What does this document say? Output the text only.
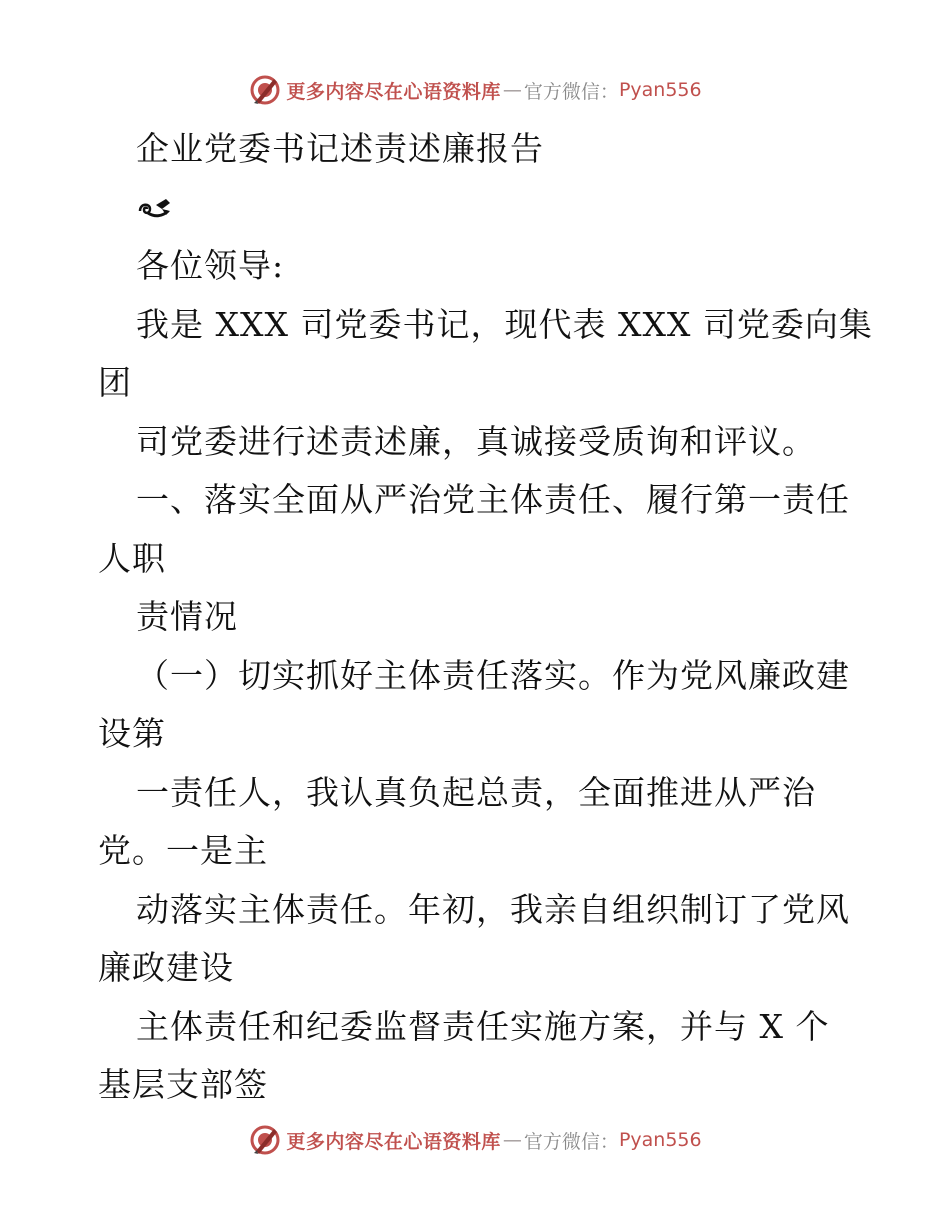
更多内容尽在心语资料库 — 官方微信： Pyan556
企业党委书记述责述廉报告
各位领导:
我是 XXX 司党委书记，现代表 XXX 司党委向集
团
司党委进行述责述廉，真诚接受质询和评议。
一、落实全面从严治党主体责任、履行第一责任
人职
责情况
（一）切实抓好主体责任落实。作为党风廉政建
设第
一责任人，我认真负起总责，全面推进从严治
党。一是主
动落实主体责任。年初，我亲自组织制订了党风
廉政建设
主体责任和纪委监督责任实施方案，并与 X 个
基层支部签
更多内容尽在心语资料库 — 官方微信： Pyan556
